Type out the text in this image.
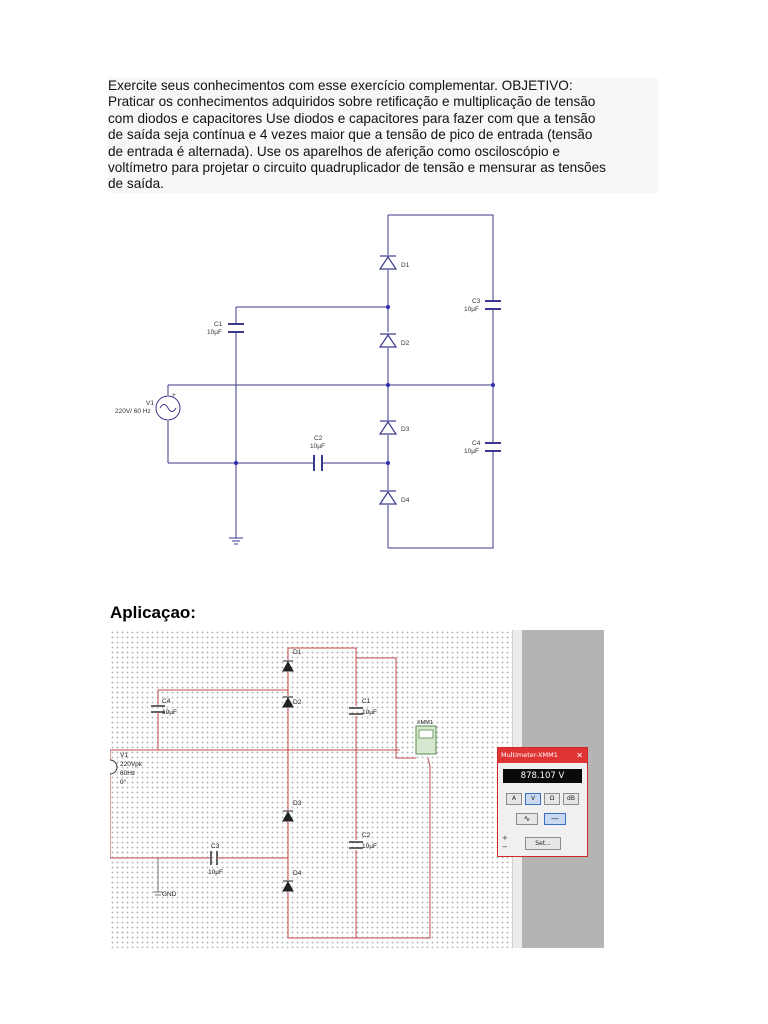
Exercite seus conhecimentos com esse exercício complementar. OBJETIVO:
Praticar os conhecimentos adquiridos sobre retificação e multiplicação de tensão
com diodos e capacitores Use diodos e capacitores para fazer com que a tensão
de saída seja contínua e 4 vezes maior que a tensão de pico de entrada (tensão
de entrada é alternada). Use os aparelhos de aferição como osciloscópio e
voltímetro para projetar o circuito quadruplicador de tensão e mensurar as tensões
de saída.
D1
D2
D3
D4
C1
10µF
C3
10µF
C4
10µF
C2
10µF
V1
220V/ 60 Hz
+
Aplicaçao:
D1
D2
D3
D4
C4
10µF
C1
10µF
C2
10µF
C3
10µF
V1
220Vpk
60Hz
0°
GND
XMM1
Multimeter-XMM1 ✕
878.107 V
A	V	Ω	dB
∿	—
+
−	Set...
